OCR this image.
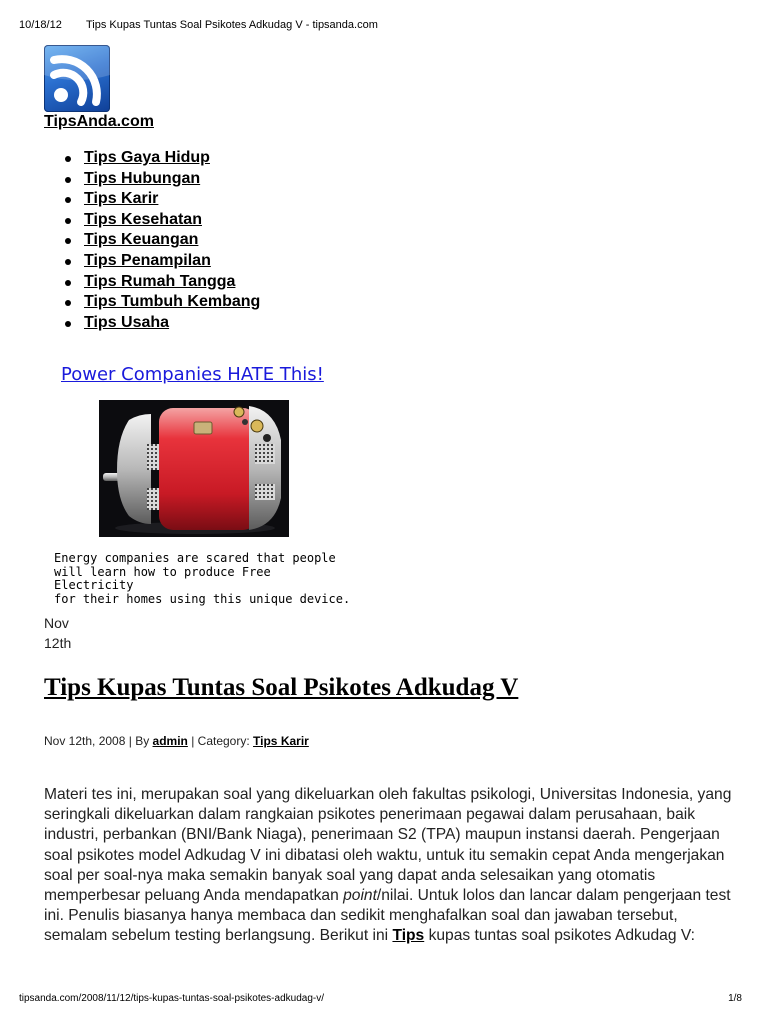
10/18/12 Tips Kupas Tuntas Soal Psikotes Adkudag V - tipsanda.com
TipsAnda.com
Tips Gaya Hidup
Tips Hubungan
Tips Karir
Tips Kesehatan
Tips Keuangan
Tips Penampilan
Tips Rumah Tangga
Tips Tumbuh Kembang
Tips Usaha
Power Companies HATE This!
Energy companies are scared that people
will learn how to produce Free Electricity
for their homes using this unique device.
Nov
12th
Tips Kupas Tuntas Soal Psikotes Adkudag V
Nov 12th, 2008 | By admin | Category: Tips Karir
Materi tes ini, merupakan soal yang dikeluarkan oleh fakultas psikologi, Universitas Indonesia, yang seringkali dikeluarkan dalam rangkaian psikotes penerimaan pegawai dalam perusahaan, baik industri, perbankan (BNI/Bank Niaga), penerimaan S2 (TPA) maupun instansi daerah. Pengerjaan soal psikotes model Adkudag V ini dibatasi oleh waktu, untuk itu semakin cepat Anda mengerjakan soal per soal-nya maka semakin banyak soal yang dapat anda selesaikan yang otomatis memperbesar peluang Anda mendapatkan point/nilai. Untuk lolos dan lancar dalam pengerjaan test ini. Penulis biasanya hanya membaca dan sedikit menghafalkan soal dan jawaban tersebut, semalam sebelum testing berlangsung. Berikut ini Tips kupas tuntas soal psikotes Adkudag V:
tipsanda.com/2008/11/12/tips-kupas-tuntas-soal-psikotes-adkudag-v/	1/8
